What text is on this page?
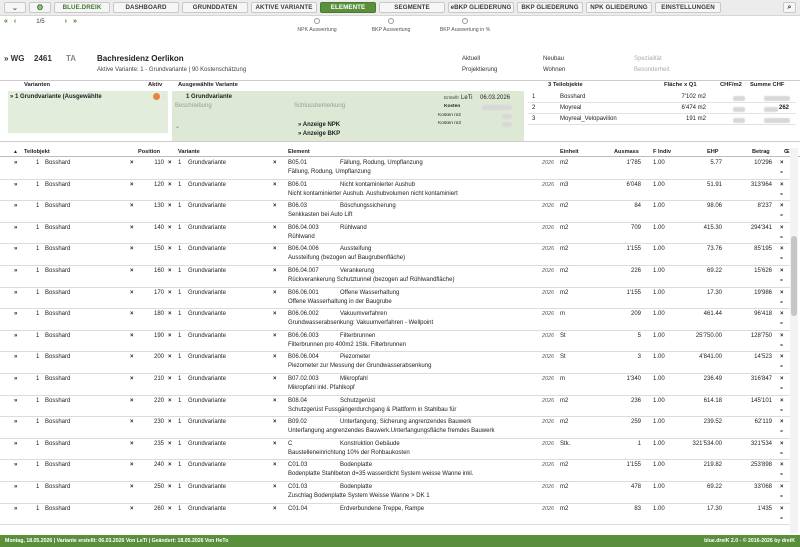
⌄ ⚙	BLUE.DREIK	DASHBOARD	GRUNDDATEN	AKTIVE VARIANTE	ELEMENTE	SEGMENTE	eBKP GLIEDERUNG	BKP GLIEDERUNG	NPK GLIEDERUNG	EINSTELLUNGEN	⌕
« ‹	1/5	› »
NPK Auswertung	BKP Auswertung	BKP Auswertung in %
» WG 2461 TA	Bachresidenz Oerlikon
Aktive Variante: 1 - Grundvariante | 90 Kostenschätzung
Aktuell
Projektierung
Neubau
Wohnen
Spezialität
Besonderheit
Varianten	Aktiv	Ausgewählte Variante	3 Teilobjekte	Fläche x Q1	CHF/m2 Summe CHF
» 1 Grundvariante (Ausgewählte	⋮	1 Grundvariante
Beschreibung	Schlussbemerkung
⌄	» Anzeige NPK
» Anzeige BKP
Erstellt LeTi 06.03.2026
Kosten
Kosten m2
Kosten m3
1	Bosshard	7'102 m2
2	Moyreal	6'474 m2	262
3	Moyreal_Velopavilion	191 m2
▲ Teilobjekt	Position	Variante	Element	Einheit	Ausmass	F Indiv	EHP	Betrag	Œ
»	1 Bosshard	×	110 × 1 Grundvariante	× B05.01	Fällung, Rodung, Umpflanzung	2026 m2	1'785 1.00	5.77	10'296 ×
Fällung, Rodung, Umpflanzung	⚭
»	1 Bosshard	×	120 × 1 Grundvariante	× B06.01	Nicht kontaminierter Aushub	2026 m3	6'048 1.00	51.91	313'964 ×
Nicht kontaminierter Aushub. Aushubvolumen nicht kontaminiert	⚭
»	1 Bosshard	×	130 × 1 Grundvariante	× B06.03	Böschungssicherung	2026 m2	84 1.00	98.06	8'237 ×
Senkkasten bei Auto Lift	⚭
»	1 Bosshard	×	140 × 1 Grundvariante	× B06.04.003	Rühlwand	2026 m2	709 1.00	415.30	294'341 ×
Rühlwand	⚭
»	1 Bosshard	×	150 × 1 Grundvariante	× B06.04.006	Aussteifung	2026 m2	1'155 1.00	73.76	85'195 ×
Aussteifung (bezogen auf Baugrubenfläche)	⚭
»	1 Bosshard	×	160 × 1 Grundvariante	× B06.04.007	Verankerung	2026 m2	226 1.00	69.22	15'626 ×
Rückverankerung Schutztunnel (bezogen auf Rühlwandfläche)	⚭
»	1 Bosshard	×	170 × 1 Grundvariante	× B06.06.001	Offene Wasserhaltung	2026 m2	1'155 1.00	17.30	19'986 ×
Offene Wasserhaltung in der Baugrube	⚭
»	1 Bosshard	×	180 × 1 Grundvariante	× B06.06.002	Vakuumverfahren	2026 m	209 1.00	461.44	96'418 ×
Grundwasserabsenkung: Vakuumverfahren - Wellpoint	⚭
»	1 Bosshard	×	190 × 1 Grundvariante	× B06.06.003	Filterbrunnen	2026 St	5 1.00	25'750.00	128'750 ×
Filterbrunnen pro 400m2 1Stk. Filterbrunnen	⚭
»	1 Bosshard	×	200 × 1 Grundvariante	× B06.06.004	Piezometer	2026 St	3 1.00	4'841.00	14'523 ×
Piezometer zur Messung der Grundwasserabsenkung	⚭
»	1 Bosshard	×	210 × 1 Grundvariante	× B07.02.003	Mikropfahl	2026 m	1'340 1.00	236.49	316'847 ×
Mikropfahl inkl. Pfahlkopf	⚭
»	1 Bosshard	×	220 × 1 Grundvariante	× B08.04	Schutzgerüst	2026 m2	236 1.00	614.18	145'101 ×
Schutzgerüst Fussgängerdurchgang & Plattform in Stahlbau für	⚭
»	1 Bosshard	×	230 × 1 Grundvariante	× B09.02	Unterfangung, Sicherung angrenzendes Bauwerk	2026 m2	259 1.00	239.52	62'119 ×
Unterfangung angrenzendes Bauwerk.Unterfangungsfläche fremdes Bauwerk	⚭
»	1 Bosshard	×	235 × 1 Grundvariante	× C	Konstruktion Gebäude	2026 Stk.	1 1.00	321'534.00	321'534 ×
Baustelleneinrichtung 10% der Rohbaukosten	⚭
»	1 Bosshard	×	240 × 1 Grundvariante	× C01.03	Bodenplatte	2026 m2	1'155 1.00	219.82	253'898 ×
Bodenplatte Stahlbeton d=35 wasserdicht System weisse Wanne inkl.	⚭
»	1 Bosshard	×	250 × 1 Grundvariante	× C01.03	Bodenplatte	2026 m2	478 1.00	69.22	33'068 ×
Zuschlag Bodenplatte System Weisse Wanne > DK 1	⚭
»	1 Bosshard	×	260 × 1 Grundvariante	× C01.04	Erdverbundene Treppe, Rampe	2026 m2	83 1.00	17.30	1'435 ×
⚭
Montag, 18.05.2026 | Variante erstellt: 06.03.2026 Von LeTi | Geändert: 18.05.2026 Von HeTo	blue.dreiK 2.0 - © 2016-2026 by dreiK
